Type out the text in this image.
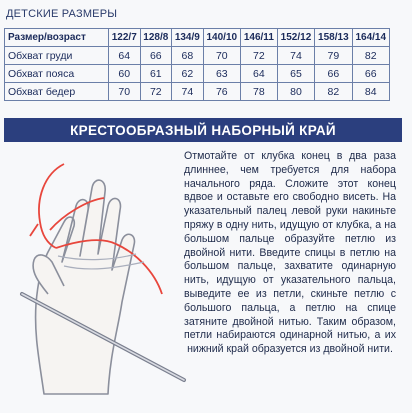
ДЕТСКИЕ РАЗМЕРЫ
Размер/возраст	122/7	128/8	134/9	140/10	146/11	152/12	158/13	164/14
Обхват груди	64	66	68	70	72	74	79	82
Обхват пояса	60	61	62	63	64	65	66	66
Обхват бедер	70	72	74	76	78	80	82	84
КРЕСТООБРАЗНЫЙ НАБОРНЫЙ КРАЙ
Отмотайте от клубка конец в два раза длиннее, чем требуется для набора начального ряда. Сложите этот конец вдвое и оставьте его свободно висеть. На указательный палец левой руки накиньте пряжу в одну нить, идущую от клубка, а на большом пальце образуйте петлю из двойной нити. Введите спицы в петлю на большом пальце, захватите одинарную нить, идущую от указательного пальца, выведите ее из петли, скиньте петлю с большого пальца, а петлю на спице затяните двойной нитью. Таким образом, петли набираются одинарной нитью, а их нижний край образуется из двойной нити.
